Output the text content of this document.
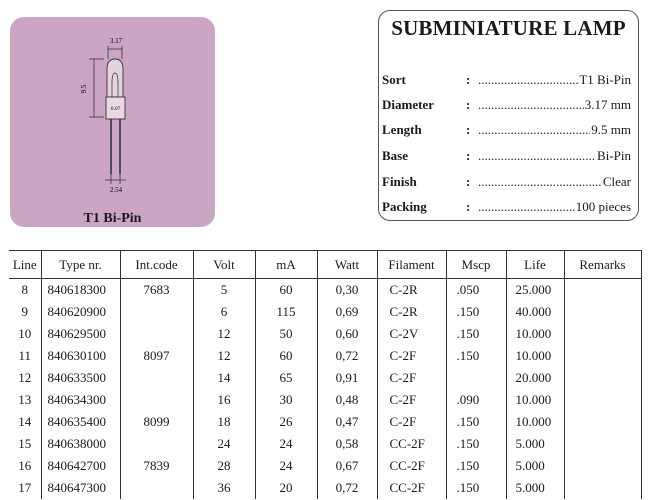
3.17
9.5
6.07
2.54
T1 Bi-Pin
SUBMINIATURE LAMP
Sort	: .....	T1 Bi-Pin
Diameter : .....	3.17 mm
Length	: .....	9.5 mm
Base	: .....	Bi-Pin
Finish	: .....	Clear
Packing	: .....	100 pieces
Line	Type nr.	Int.code	Volt	mA	Watt	Filament	Mscp	Life	Remarks
8	840618300	7683	5	60	0,30	C-2R	.050	25.000	
9	840620900		6	115	0,69	C-2R	.150	40.000	
10	840629500		12	50	0,60	C-2V	.150	10.000	
11	840630100	8097	12	60	0,72	C-2F	.150	10.000	
12	840633500		14	65	0,91	C-2F		20.000	
13	840634300		16	30	0,48	C-2F	.090	10.000	
14	840635400	8099	18	26	0,47	C-2F	.150	10.000	
15	840638000		24	24	0,58	CC-2F	.150	5.000	
16	840642700	7839	28	24	0,67	CC-2F	.150	5.000	
17	840647300		36	20	0,72	CC-2F	.150	5.000	
